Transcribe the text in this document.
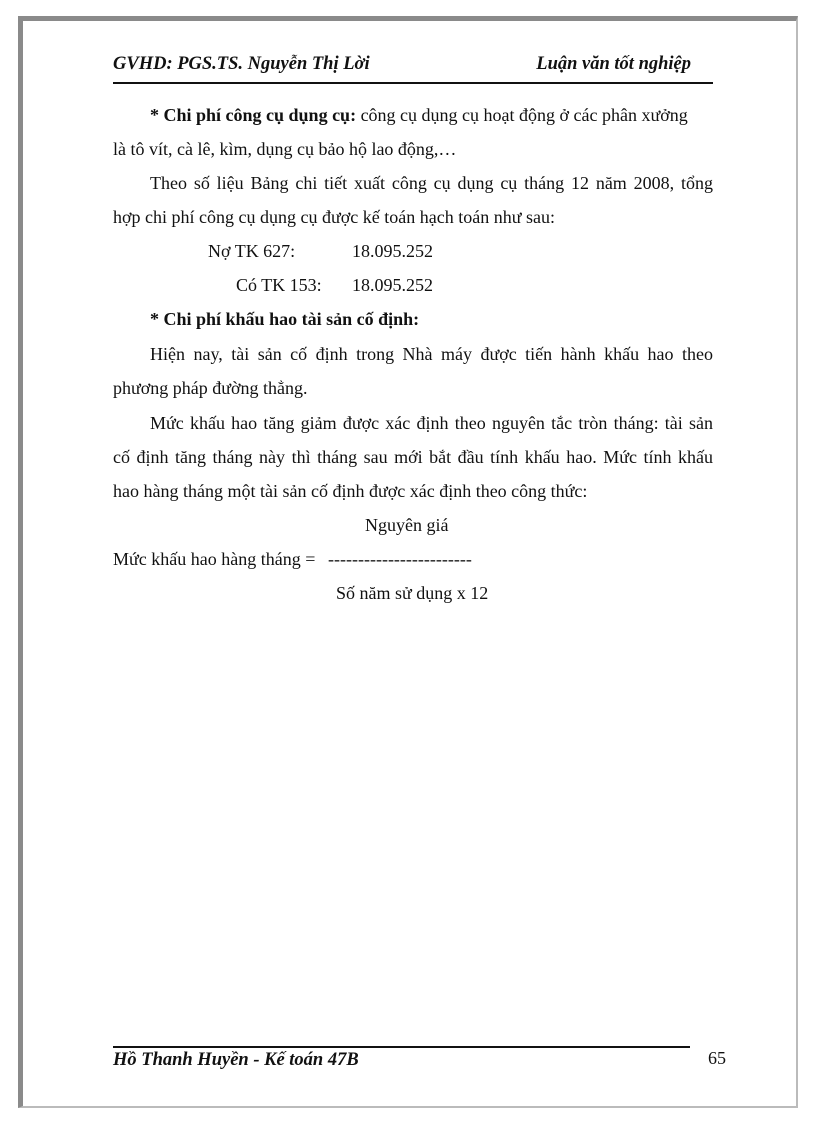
GVHD: PGS.TS. Nguyễn Thị Lời	Luận văn tốt nghiệp
* Chi phí công cụ dụng cụ: công cụ dụng cụ hoạt động ở các phân xưởng
là tô vít, cà lê, kìm, dụng cụ bảo hộ lao động,…
Theo số liệu Bảng chi tiết xuất công cụ dụng cụ tháng 12 năm 2008, tổng
hợp chi phí công cụ dụng cụ được kế toán hạch toán như sau:
Nợ TK 627:	18.095.252
Có TK 153: 18.095.252
* Chi phí khấu hao tài sản cố định:
Hiện nay, tài sản cố định trong Nhà máy được tiến hành khấu hao theo
phương pháp đường thẳng.
Mức khấu hao tăng giảm được xác định theo nguyên tắc tròn tháng: tài sản
cố định tăng tháng này thì tháng sau mới bắt đầu tính khấu hao. Mức tính khấu
hao hàng tháng một tài sản cố định được xác định theo công thức:
Nguyên giá
Mức khấu hao hàng tháng = ------------------------
Số năm sử dụng x 12
Hồ Thanh Huyền - Kế toán 47B	65
